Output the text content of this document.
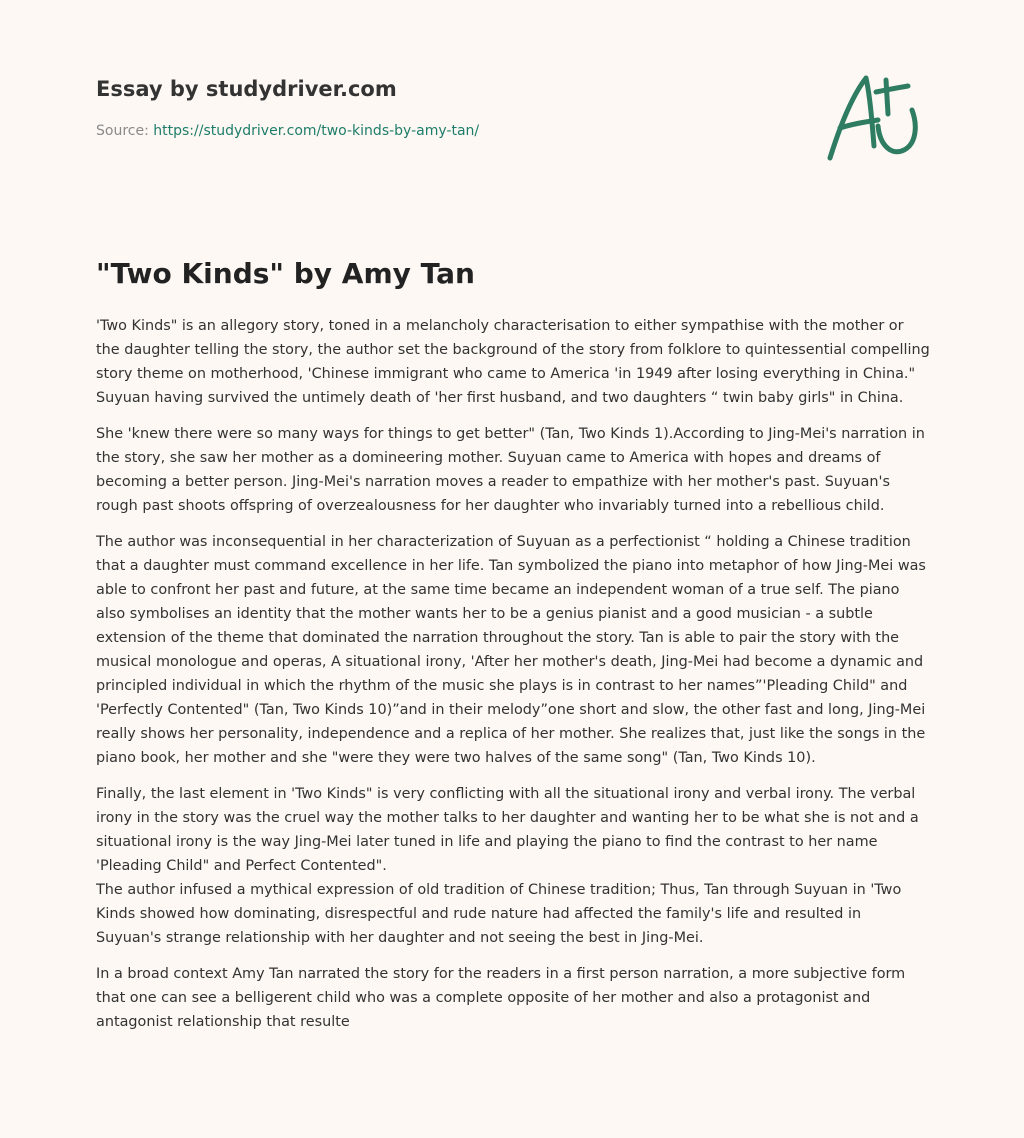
Essay by studydriver.com
Source: https://studydriver.com/two-kinds-by-amy-tan/
"Two Kinds" by Amy Tan

'Two Kinds" is an allegory story, toned in a melancholy characterisation to either sympathise with the mother or the daughter telling the story, the author set the background of the story from folklore to quintessential compelling story theme on motherhood, 'Chinese immigrant who came to America 'in 1949 after losing everything in China." Suyuan having survived the untimely death of 'her first husband, and two daughters “ twin baby girls" in China.

She 'knew there were so many ways for things to get better" (Tan, Two Kinds 1).According to Jing-Mei's narration in the story, she saw her mother as a domineering mother. Suyuan came to America with hopes and dreams of becoming a better person. Jing-Mei's narration moves a reader to empathize with her mother's past. Suyuan's rough past shoots offspring of overzealousness for her daughter who invariably turned into a rebellious child.

The author was inconsequential in her characterization of Suyuan as a perfectionist “ holding a Chinese tradition that a daughter must command excellence in her life. Tan symbolized the piano into metaphor of how Jing-Mei was able to confront her past and future, at the same time became an independent woman of a true self. The piano also symbolises an identity that the mother wants her to be a genius pianist and a good musician - a subtle extension of the theme that dominated the narration throughout the story. Tan is able to pair the story with the musical monologue and operas, A situational irony, 'After her mother's death, Jing-Mei had become a dynamic and principled individual in which the rhythm of the music she plays is in contrast to her names”'Pleading Child" and 'Perfectly Contented" (Tan, Two Kinds 10)”and in their melody”one short and slow, the other fast and long, Jing-Mei really shows her personality, independence and a replica of her mother. She realizes that, just like the songs in the piano book, her mother and she "were they were two halves of the same song" (Tan, Two Kinds 10).

Finally, the last element in 'Two Kinds" is very conflicting with all the situational irony and verbal irony. The verbal irony in the story was the cruel way the mother talks to her daughter and wanting her to be what she is not and a situational irony is the way Jing-Mei later tuned in life and playing the piano to find the contrast to her name 'Pleading Child" and Perfect Contented".

The author infused a mythical expression of old tradition of Chinese tradition; Thus, Tan through Suyuan in 'Two Kinds showed how dominating, disrespectful and rude nature had affected the family's life and resulted in Suyuan's strange relationship with her daughter and not seeing the best in Jing-Mei.

In a broad context Amy Tan narrated the story for the readers in a first person narration, a more subjective form that one can see a belligerent child who was a complete opposite of her mother and also a protagonist and antagonist relationship that resulte
